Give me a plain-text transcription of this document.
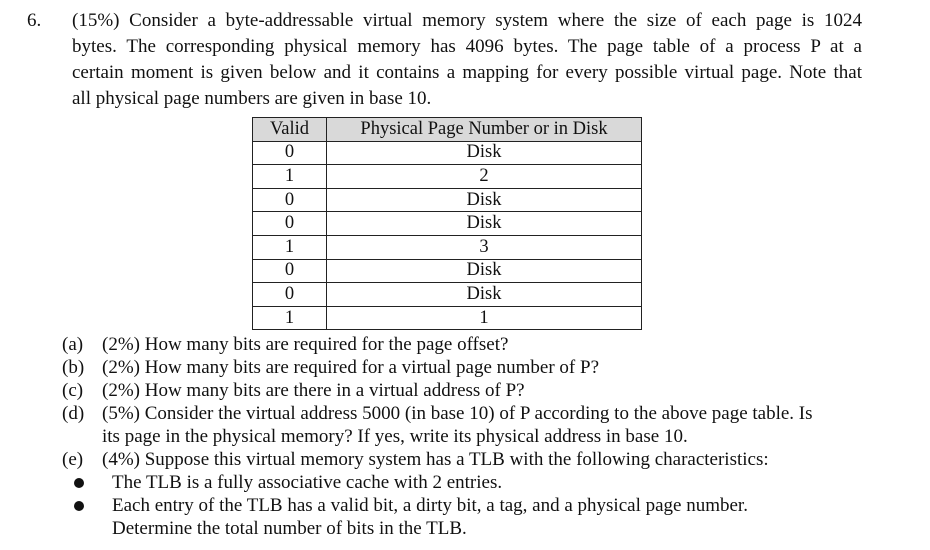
6. (15%) Consider a byte-addressable virtual memory system where the size of each page is 1024
bytes. The corresponding physical memory has 4096 bytes. The page table of a process P at a
certain moment is given below and it contains a mapping for every possible virtual page. Note that
all physical page numbers are given in base 10.
Valid	Physical Page Number or in Disk
0	Disk
1	2
0	Disk
0	Disk
1	3
0	Disk
0	Disk
1	1
(a) (2%) How many bits are required for the page offset?
(b) (2%) How many bits are required for a virtual page number of P?
(c) (2%) How many bits are there in a virtual address of P?
(d) (5%) Consider the virtual address 5000 (in base 10) of P according to the above page table. Is
its page in the physical memory? If yes, write its physical address in base 10.
(e) (4%) Suppose this virtual memory system has a TLB with the following characteristics:
The TLB is a fully associative cache with 2 entries.
Each entry of the TLB has a valid bit, a dirty bit, a tag, and a physical page number.
Determine the total number of bits in the TLB.
